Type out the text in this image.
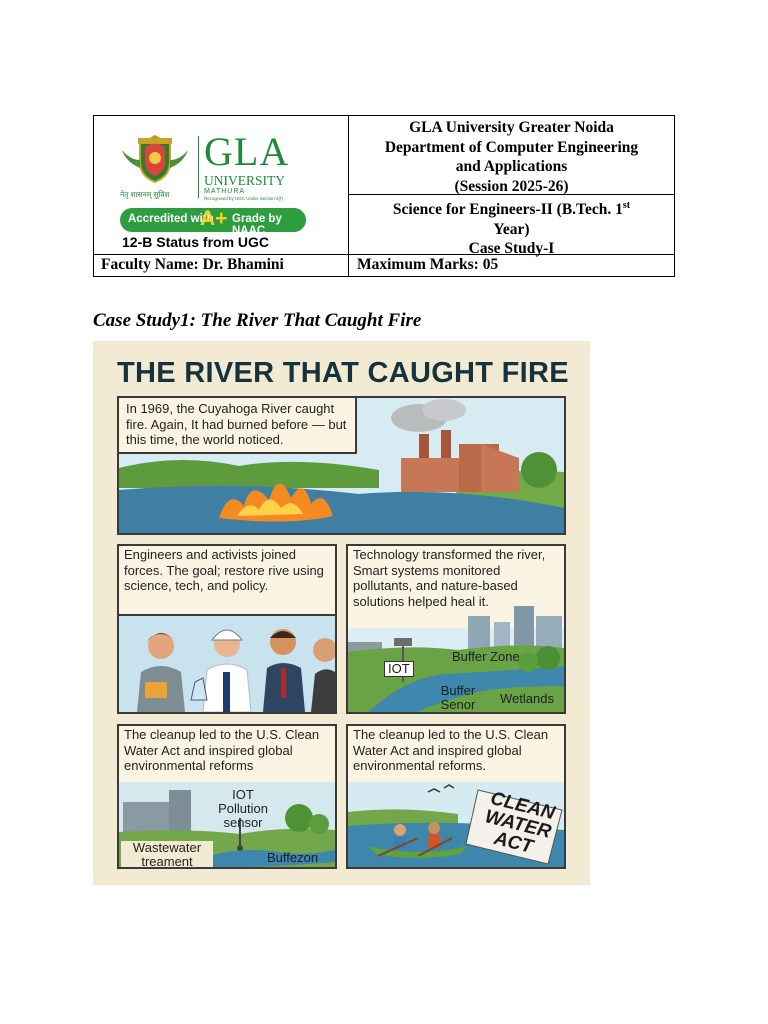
GLA
UNIVERSITY
MATHURA
Recognised by UGC Under Section 2(f)
नेतृ शासनम् सुविश
Accredited with
A+ Grade by NAAC
12-B Status from UGC
GLA University Greater Noida
Department of Computer Engineering
and Applications
(Session 2025-26)
Science for Engineers-II (B.Tech. 1st
Year)
Case Study-I
Faculty Name: Dr. Bhamini	Maximum Marks: 05
Case Study1: The River That Caught Fire
THE RIVER THAT CAUGHT FIRE
In 1969, the Cuyahoga River caught fire. Again, It had burned before — but this time, the world noticed.
Engineers and activists joined forces. The goal; restore rive using science, tech, and policy.
Technology transformed the river, Smart systems monitored pollutants, and nature-based solutions helped heal it.
IOT
Buffer Zone
Buffer Senor	Wetlands
The cleanup led to the U.S. Clean Water Act and inspired global environmental reforms
IOT Pollution sensor
Wastewater treament	Buffezon
The cleanup led to the U.S. Clean Water Act and inspired global environmental reforms.
CLEAN WATER ACT
